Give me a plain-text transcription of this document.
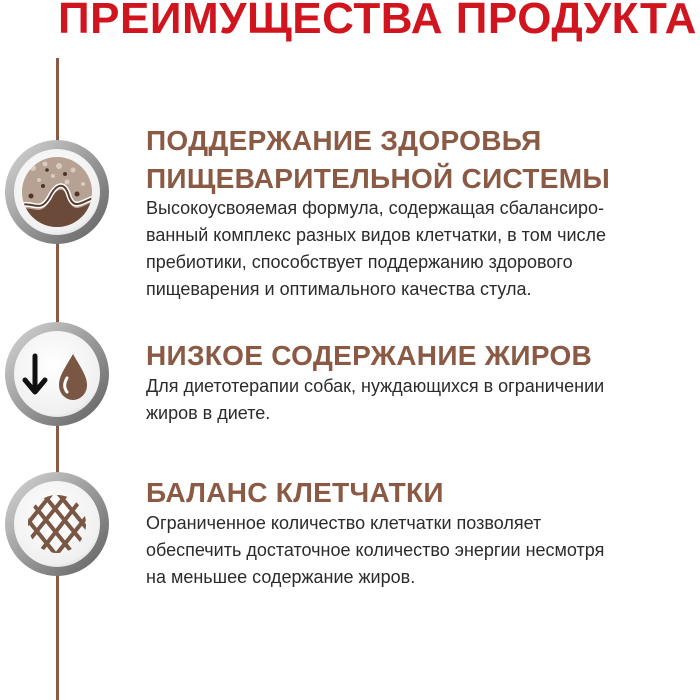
ПРЕИМУЩЕСТВА ПРОДУКТА
ПОДДЕРЖАНИЕ ЗДОРОВЬЯ
ПИЩЕВАРИТЕЛЬНОЙ СИСТЕМЫ
Высокоусвояемая формула, содержащая сбалансиро-
ванный комплекс разных видов клетчатки, в том числе
пребиотики, способствует поддержанию здорового
пищеварения и оптимального качества стула.
НИЗКОЕ СОДЕРЖАНИЕ ЖИРОВ
Для диетотерапии собак, нуждающихся в ограничении
жиров в диете.
БАЛАНС КЛЕТЧАТКИ
Ограниченное количество клетчатки позволяет
обеспечить достаточное количество энергии несмотря
на меньшее содержание жиров.
